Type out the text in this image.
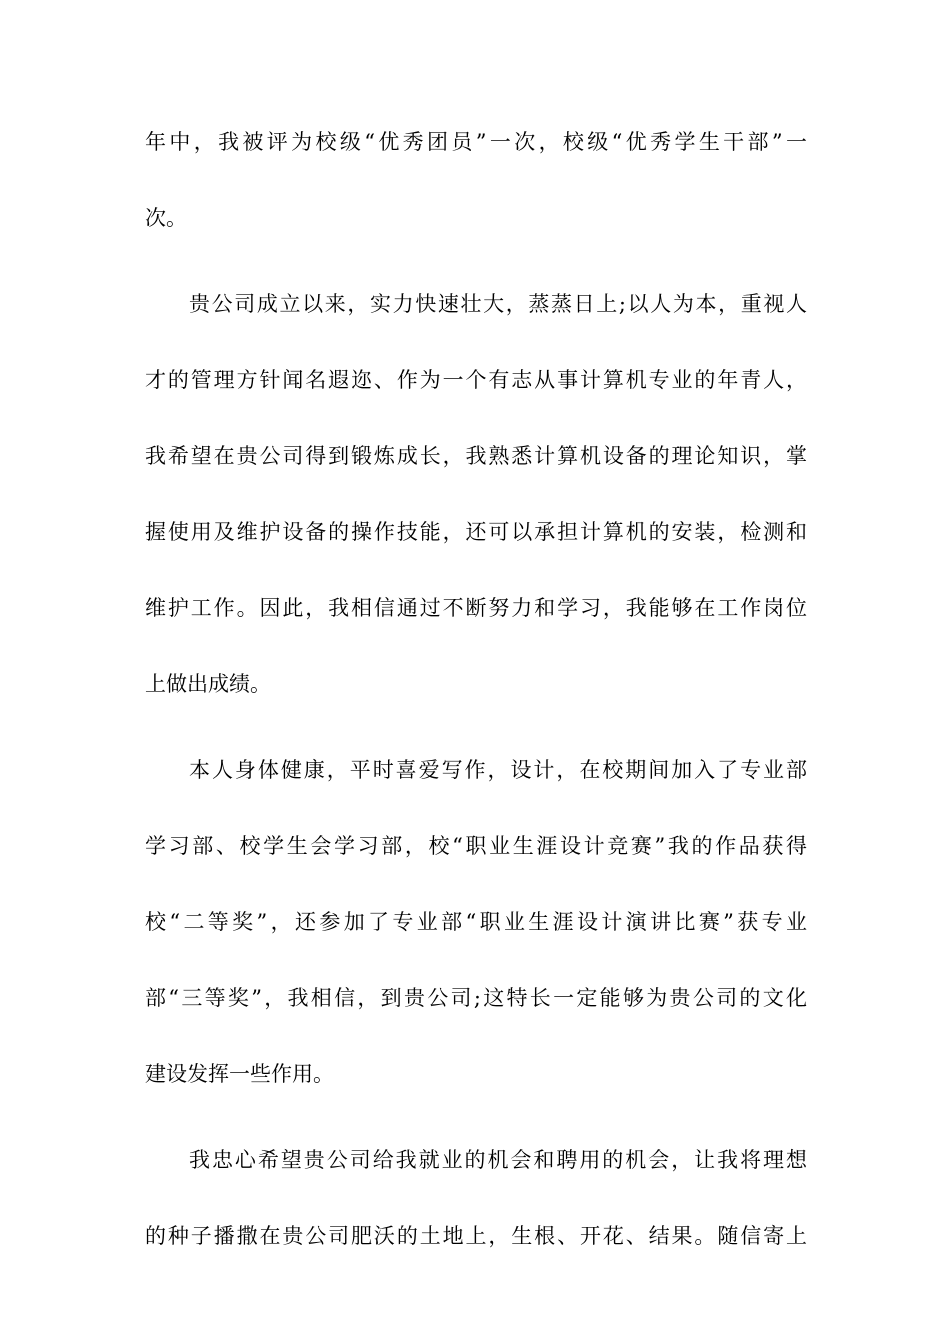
年中，我被评为校级“优秀团员”一次，校级“优秀学生干部”一
次。
贵公司成立以来，实力快速壮大，蒸蒸日上;以人为本，重视人
才的管理方针闻名遐迩、作为一个有志从事计算机专业的年青人，
我希望在贵公司得到锻炼成长，我熟悉计算机设备的理论知识，掌
握使用及维护设备的操作技能，还可以承担计算机的安装，检测和
维护工作。因此，我相信通过不断努力和学习，我能够在工作岗位
上做出成绩。
本人身体健康，平时喜爱写作，设计，在校期间加入了专业部
学习部、校学生会学习部，校“职业生涯设计竞赛”我的作品获得
校“二等奖”，还参加了专业部“职业生涯设计演讲比赛”获专业
部“三等奖”，我相信，到贵公司;这特长一定能够为贵公司的文化
建设发挥一些作用。
我忠心希望贵公司给我就业的机会和聘用的机会，让我将理想
的种子播撒在贵公司肥沃的土地上，生根、开花、结果。随信寄上
